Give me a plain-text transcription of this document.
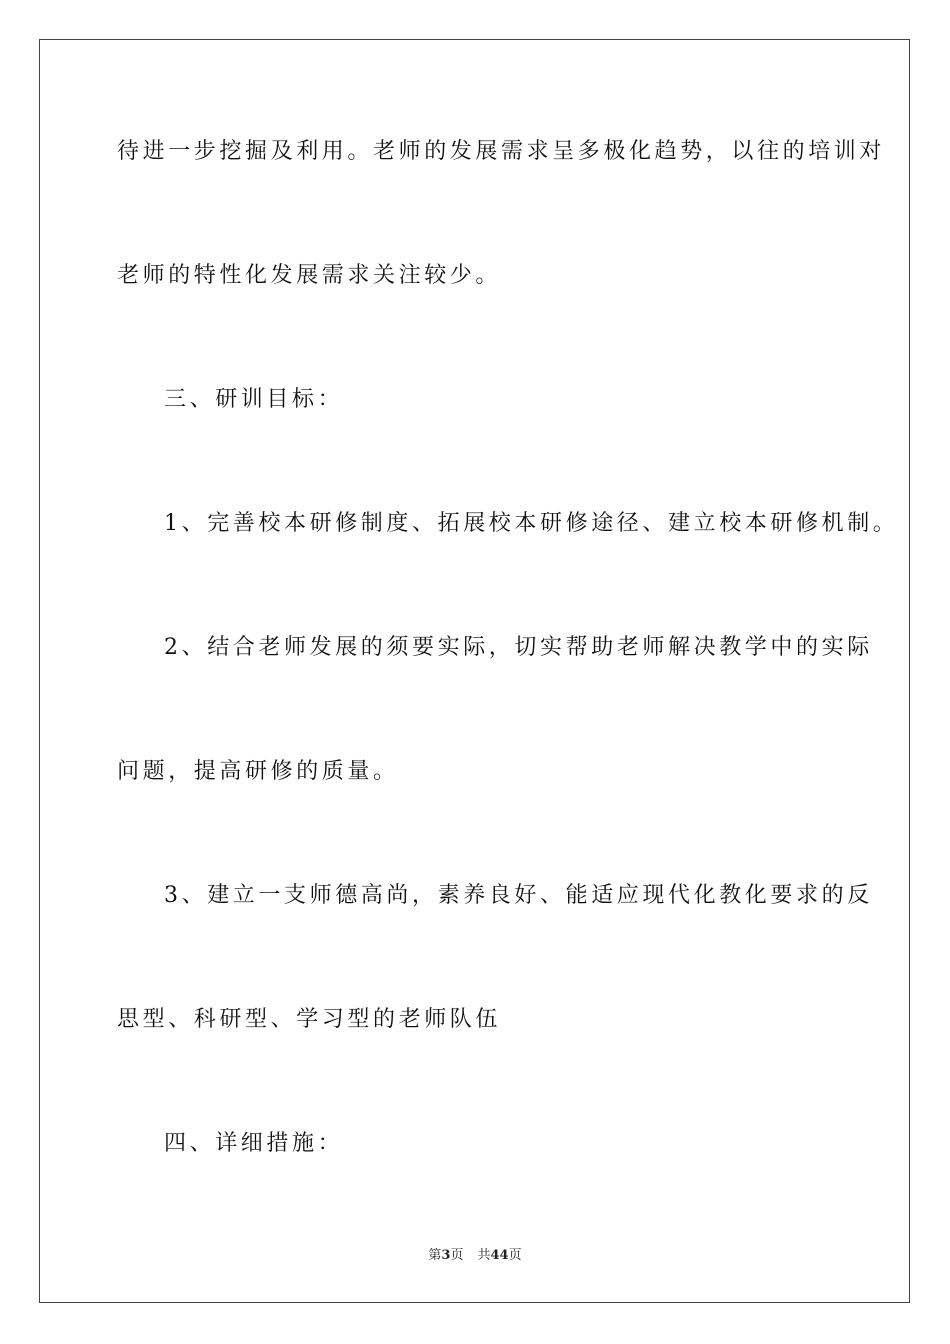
待进一步挖掘及利用。老师的发展需求呈多极化趋势，以往的培训对
老师的特性化发展需求关注较少。
三、研训目标：
1、完善校本研修制度、拓展校本研修途径、建立校本研修机制。
2、结合老师发展的须要实际，切实帮助老师解决教学中的实际
问题，提高研修的质量。
3、建立一支师德高尚，素养良好、能适应现代化教化要求的反
思型、科研型、学习型的老师队伍
四、详细措施：
第3页 共44页
